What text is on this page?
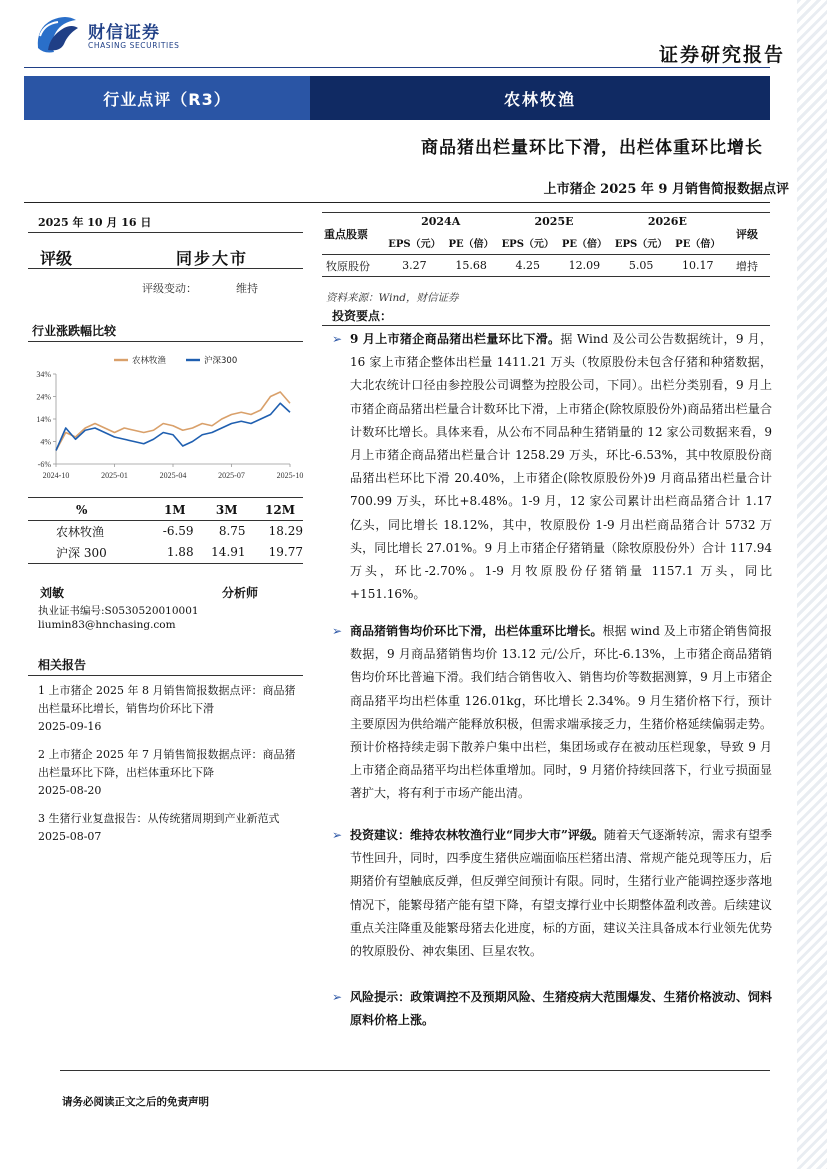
财信证券
CHASING SECURITIES	证券研究报告
行业点评（R3）	农林牧渔
商品猪出栏量环比下滑，出栏体重环比增长
上市猪企 2025 年 9 月销售简报数据点评
2025 年 10 月 16 日
评级	同步大市
评级变动：	维持
行业涨跌幅比较
34%
24%
14%
4%
-6%
2024-10	2025-01	2025-04	2025-07	2025-10
农林牧渔	沪深300
%	1M	3M	12M
农林牧渔	-6.59	8.75	18.29
沪深 300	1.88	14.91	19.77
刘敏	分析师
执业证书编号:S0530520010001
liumin83@hnchasing.com
相关报告
1 上市猪企 2025 年 8 月销售简报数据点评：商品猪出栏量环比增长，销售均价环比下滑
2025-09-16
2 上市猪企 2025 年 7 月销售简报数据点评：商品猪出栏量环比下降，出栏体重环比下降
2025-08-20
3 生猪行业复盘报告：从传统猪周期到产业新范式
2025-08-07
重点股票	2024A		2025E		2026E		评级
	EPS（元）	PE（倍）	EPS（元）	PE（倍）	EPS（元）	PE（倍）	
牧原股份	3.27	15.68	4.25	12.09	5.05	10.17	增持
资料来源：Wind，财信证券
投资要点：
➢ 9 月上市猪企商品猪出栏量环比下滑。据 Wind 及公司公告数据统计，9 月，16 家上市猪企整体出栏量 1411.21 万头（牧原股份未包含仔猪和种猪数据，大北农统计口径由参控股公司调整为控股公司，下同）。出栏分类别看，9 月上市猪企商品猪出栏量合计数环比下滑，上市猪企(除牧原股份外)商品猪出栏量合计数环比增长。具体来看，从公布不同品种生猪销量的 12 家公司数据来看，9 月上市猪企商品猪出栏量合计 1258.29 万头，环比-6.53%，其中牧原股份商品猪出栏环比下滑 20.40%，上市猪企(除牧原股份外)9 月商品猪出栏量合计 700.99 万头，环比+8.48%。1-9 月，12 家公司累计出栏商品猪合计 1.17 亿头，同比增长 18.12%，其中，牧原股份 1-9 月出栏商品猪合计 5732 万头，同比增长 27.01%。9 月上市猪企仔猪销量（除牧原股份外）合计 117.94 万头，环比-2.70%。1-9 月牧原股份仔猪销量 1157.1 万头，同比+151.16%。
➢ 商品猪销售均价环比下滑，出栏体重环比增长。根据 wind 及上市猪企销售简报数据，9 月商品猪销售均价 13.12 元/公斤，环比-6.13%，上市猪企商品猪销售均价环比普遍下滑。我们结合销售收入、销售均价等数据测算，9 月上市猪企商品猪平均出栏体重 126.01kg，环比增长 2.34%。9 月生猪价格下行，预计主要原因为供给端产能释放积极，但需求端承接乏力，生猪价格延续偏弱走势。预计价格持续走弱下散养户集中出栏，集团场或存在被动压栏现象，导致 9 月上市猪企商品猪平均出栏体重增加。同时，9 月猪价持续回落下，行业亏损面显著扩大，将有利于市场产能出清。
➢ 投资建议：维持农林牧渔行业“同步大市”评级。随着天气逐渐转凉，需求有望季节性回升，同时，四季度生猪供应端面临压栏猪出清、常规产能兑现等压力，后期猪价有望触底反弹，但反弹空间预计有限。同时，生猪行业产能调控逐步落地情况下，能繁母猪产能有望下降，有望支撑行业中长期整体盈利改善。后续建议重点关注降重及能繁母猪去化进度，标的方面，建议关注具备成本行业领先优势的牧原股份、神农集团、巨星农牧。
➢ 风险提示：政策调控不及预期风险、生猪疫病大范围爆发、生猪价格波动、饲料原料价格上涨。
请务必阅读正文之后的免责声明
